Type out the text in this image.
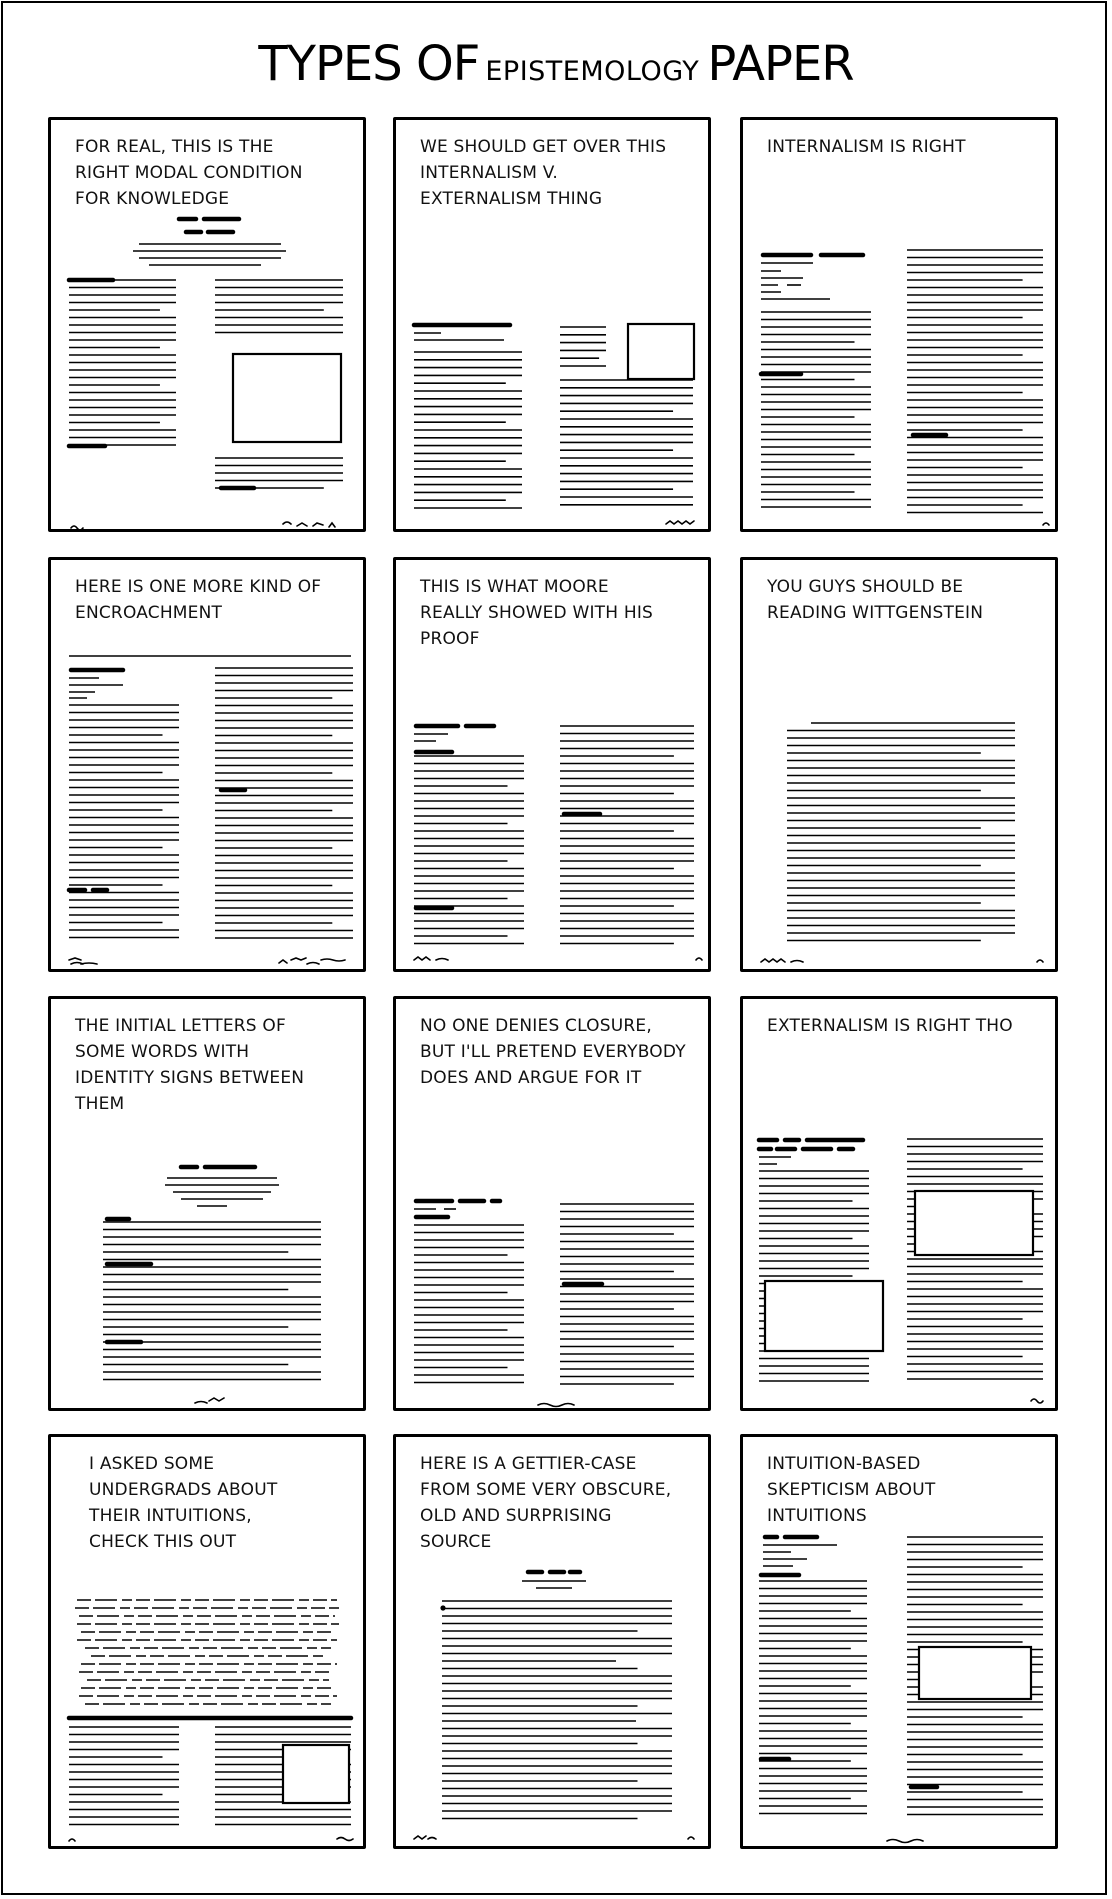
TYPES OF EPISTEMOLOGY PAPER
FOR REAL, THIS IS THE
RIGHT MODAL CONDITION
FOR KNOWLEDGE
WE SHOULD GET OVER THIS
INTERNALISM V.
EXTERNALISM THING
INTERNALISM IS RIGHT
HERE IS ONE MORE KIND OF
ENCROACHMENT
THIS IS WHAT MOORE
REALLY SHOWED WITH HIS
PROOF
YOU GUYS SHOULD BE
READING WITTGENSTEIN
THE INITIAL LETTERS OF
SOME WORDS WITH
IDENTITY SIGNS BETWEEN
THEM
NO ONE DENIES CLOSURE,
BUT I'LL PRETEND EVERYBODY
DOES AND ARGUE FOR IT
EXTERNALISM IS RIGHT THO
I ASKED SOME
UNDERGRADS ABOUT
THEIR INTUITIONS,
CHECK THIS OUT
HERE IS A GETTIER-CASE
FROM SOME VERY OBSCURE,
OLD AND SURPRISING
SOURCE
INTUITION-BASED
SKEPTICISM ABOUT
INTUITIONS
